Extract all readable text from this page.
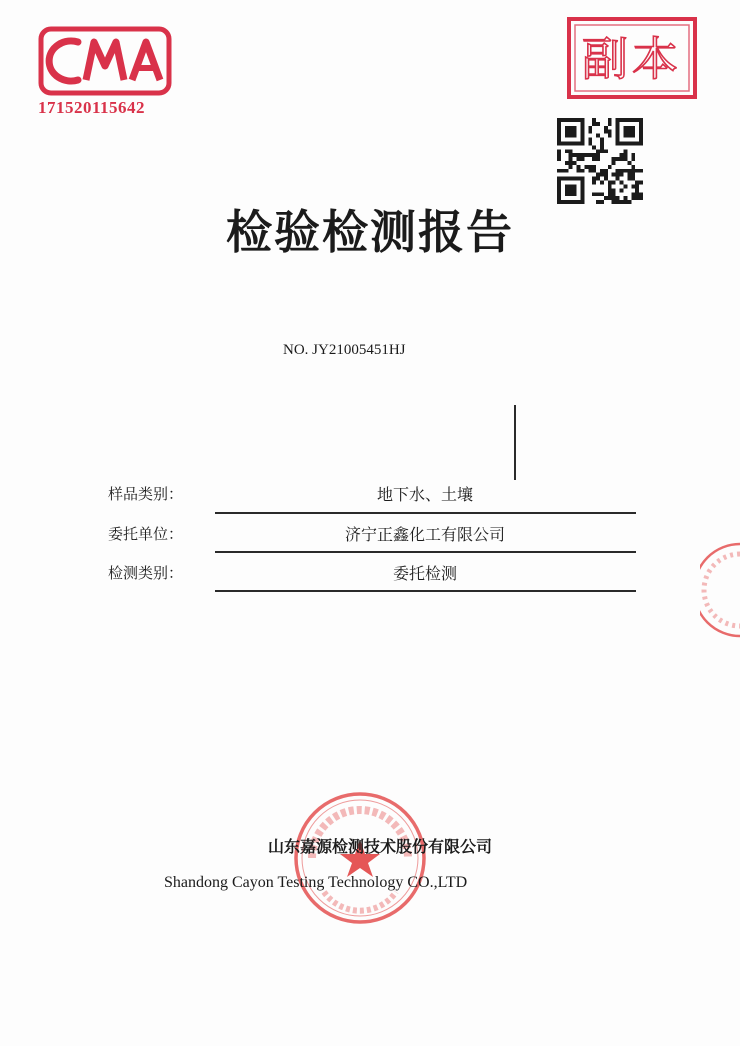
171520115642
副本
检验检测报告
NO. JY21005451HJ
样品类别：	地下水、土壤
委托单位：	济宁正鑫化工有限公司
检测类别：	委托检测
山东嘉源检测技术股份有限公司
Shandong Cayon Testing Technology CO.,LTD
